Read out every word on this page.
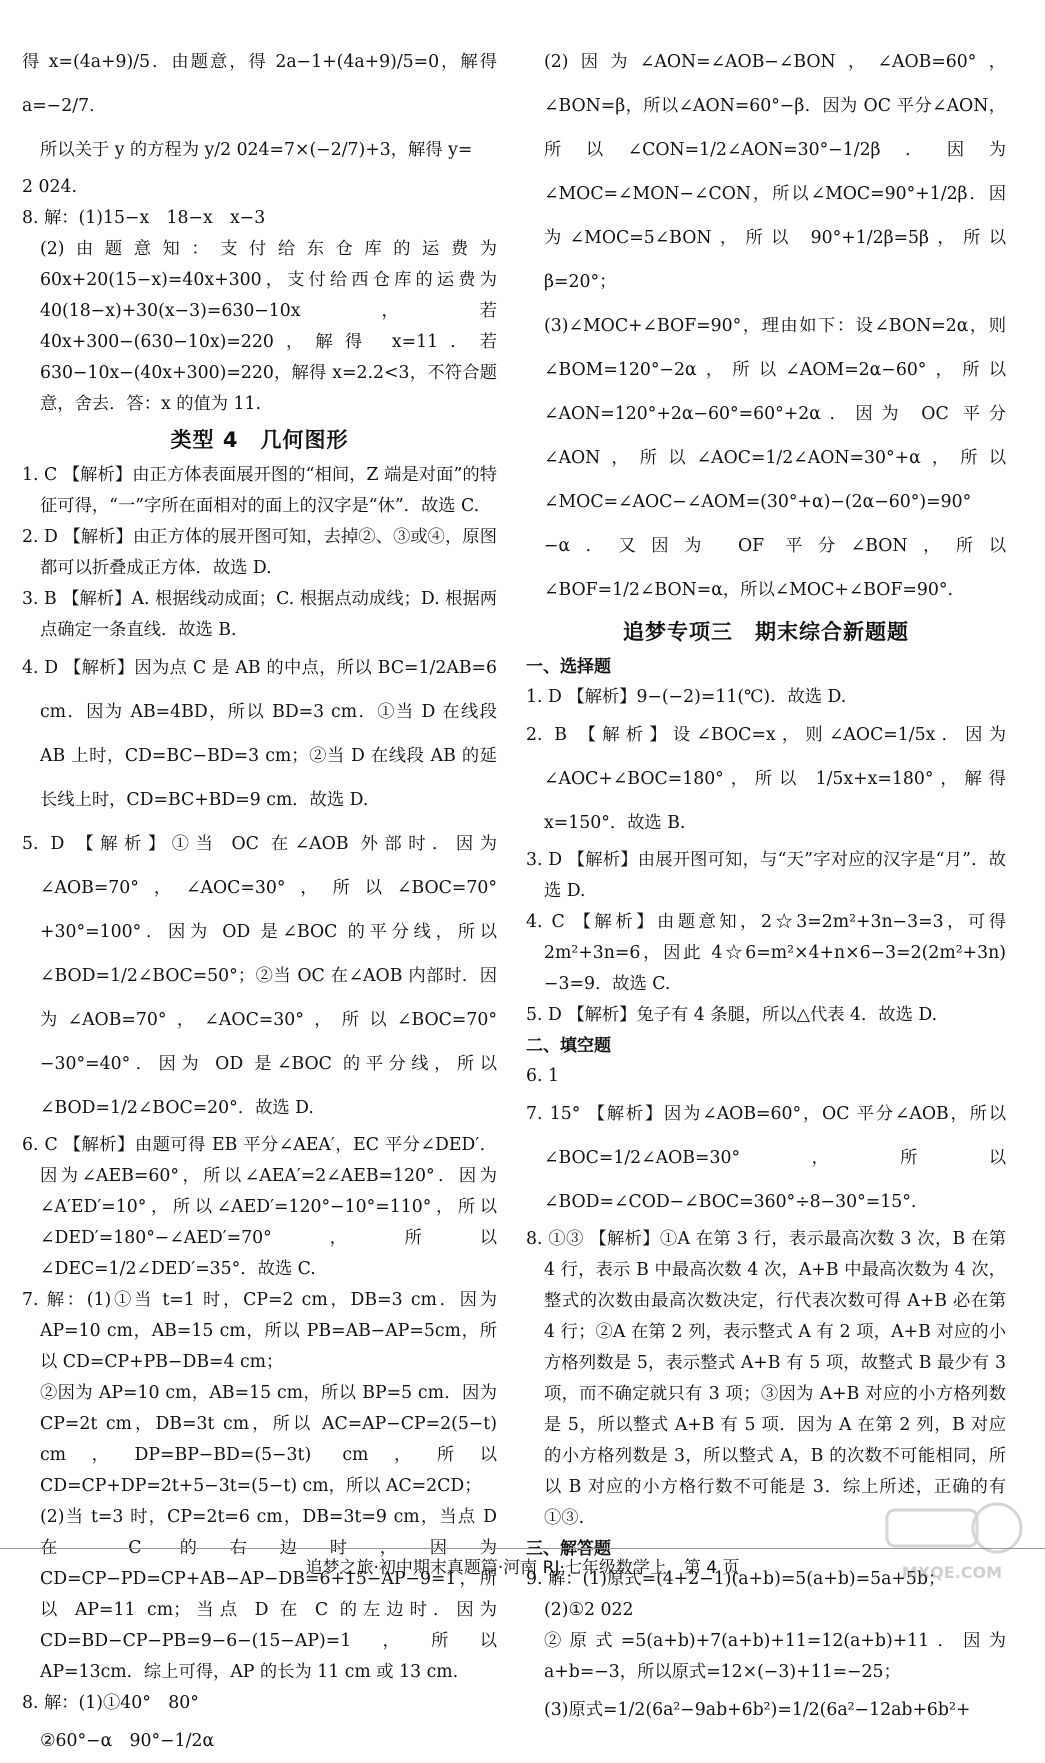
得 x=(4a+9)/5．由题意，得 2a−1+(4a+9)/5=0，解得 a=−2/7．

所以关于 y 的方程为 y/2 024=7×(−2/7)+3，解得 y=

2 024.

8. 解：(1)15−x　18−x　x−3

(2)由题意知：支付给东仓库的运费为 60x+20(15−x)=40x+300，支付给西仓库的运费为 40(18−x)+30(x−3)=630−10x，若 40x+300−(630−10x)=220，解得 x=11．若 630−10x−(40x+300)=220，解得 x=2.2<3，不符合题意，舍去．答：x 的值为 11.

类型 4　几何图形

1. C 【解析】由正方体表面展开图的“相间，Z 端是对面”的特征可得，“一”字所在面相对的面上的汉字是“休”．故选 C.

2. D 【解析】由正方体的展开图可知，去掉②、③或④，原图都可以折叠成正方体．故选 D.

3. B 【解析】A. 根据线动成面；C. 根据点动成线；D. 根据两点确定一条直线．故选 B.

4. D 【解析】因为点 C 是 AB 的中点，所以 BC=1/2AB=6 cm．因为 AB=4BD，所以 BD=3 cm．①当 D 在线段 AB 上时，CD=BC−BD=3 cm；②当 D 在线段 AB 的延长线上时，CD=BC+BD=9 cm．故选 D.

5. D 【解析】①当 OC 在∠AOB 外部时．因为∠AOB=70°，∠AOC=30°，所以∠BOC=70°+30°=100°．因为 OD 是∠BOC 的平分线，所以∠BOD=1/2∠BOC=50°；②当 OC 在∠AOB 内部时．因为∠AOB=70°，∠AOC=30°，所以∠BOC=70°−30°=40°．因为 OD 是∠BOC 的平分线，所以∠BOD=1/2∠BOC=20°．故选 D.

6. C 【解析】由题可得 EB 平分∠AEA′，EC 平分∠DED′．因为∠AEB=60°，所以∠AEA′=2∠AEB=120°．因为∠A′ED′=10°，所以∠AED′=120°−10°=110°，所以∠DED′=180°−∠AED′=70°，所以∠DEC=1/2∠DED′=35°．故选 C.

7. 解：(1)①当 t=1 时，CP=2 cm，DB=3 cm．因为 AP=10 cm，AB=15 cm，所以 PB=AB−AP=5cm，所以 CD=CP+PB−DB=4 cm；

②因为 AP=10 cm，AB=15 cm，所以 BP=5 cm．因为 CP=2t cm，DB=3t cm，所以 AC=AP−CP=2(5−t) cm，DP=BP−BD=(5−3t) cm，所以 CD=CP+DP=2t+5−3t=(5−t) cm，所以 AC=2CD；

(2)当 t=3 时，CP=2t=6 cm，DB=3t=9 cm，当点 D 在 C 的右边时，因为 CD=CP−PD=CP+AB−AP−DB=6+15−AP−9=1，所以 AP=11 cm；当点 D 在 C 的左边时．因为 CD=BD−CP−PB=9−6−(15−AP)=1，所以 AP=13cm．综上可得，AP 的长为 11 cm 或 13 cm.

8. 解：(1)①40°　80°

②60°−α　90°−1/2α

(2)因为∠AON=∠AOB−∠BON，∠AOB=60°，∠BON=β，所以∠AON=60°−β．因为 OC 平分∠AON，所以∠CON=1/2∠AON=30°−1/2β．因为∠MOC=∠MON−∠CON，所以∠MOC=90°+1/2β．因为∠MOC=5∠BON，所以 90°+1/2β=5β，所以 β=20°；

(3)∠MOC+∠BOF=90°，理由如下：设∠BON=2α，则∠BOM=120°−2α，所以∠AOM=2α−60°，所以∠AON=120°+2α−60°=60°+2α．因为 OC 平分∠AON，所以∠AOC=1/2∠AON=30°+α，所以∠MOC=∠AOC−∠AOM=(30°+α)−(2α−60°)=90°−α．又因为 OF 平分∠BON，所以∠BOF=1/2∠BON=α，所以∠MOC+∠BOF=90°.

追梦专项三　期末综合新题题
一、选择题

1. D 【解析】9−(−2)=11(℃)．故选 D.

2. B 【解析】设∠BOC=x，则∠AOC=1/5x．因为∠AOC+∠BOC=180°，所以 1/5x+x=180°，解得 x=150°．故选 B.

3. D 【解析】由展开图可知，与“天”字对应的汉字是“月”．故选 D.

4. C 【解析】由题意知，2☆3=2m²+3n−3=3，可得 2m²+3n=6，因此 4☆6=m²×4+n×6−3=2(2m²+3n)−3=9．故选 C.

5. D 【解析】兔子有 4 条腿，所以△代表 4．故选 D.

二、填空题

6. 1

7. 15° 【解析】因为∠AOB=60°，OC 平分∠AOB，所以∠BOC=1/2∠AOB=30°，所以∠BOD=∠COD−∠BOC=360°÷8−30°=15°.

8. ①③ 【解析】①A 在第 3 行，表示最高次数 3 次，B 在第 4 行，表示 B 中最高次数 4 次，A+B 中最高次数为 4 次，整式的次数由最高次数决定，行代表次数可得 A+B 必在第 4 行；②A 在第 2 列，表示整式 A 有 2 项，A+B 对应的小方格列数是 5，表示整式 A+B 有 5 项，故整式 B 最少有 3 项，而不确定就只有 3 项；③因为 A+B 对应的小方格列数是 5，所以整式 A+B 有 5 项．因为 A 在第 2 列，B 对应的小方格列数是 3，所以整式 A，B 的次数不可能相同，所以 B 对应的小方格行数不可能是 3．综上所述，正确的有①③.

三、解答题

9. 解：(1)原式=(4+2−1)(a+b)=5(a+b)=5a+5b；

(2)①2 022

②原式=5(a+b)+7(a+b)+11=12(a+b)+11．因为 a+b=−3，所以原式=12×(−3)+11=−25；

(3)原式=1/2(6a²−9ab+6b²)=1/2(6a²−12ab+6b²+

追梦之旅·初中期末真题篇·河南 RJ·七年级数学上　第 4 页	MXQE.COM
